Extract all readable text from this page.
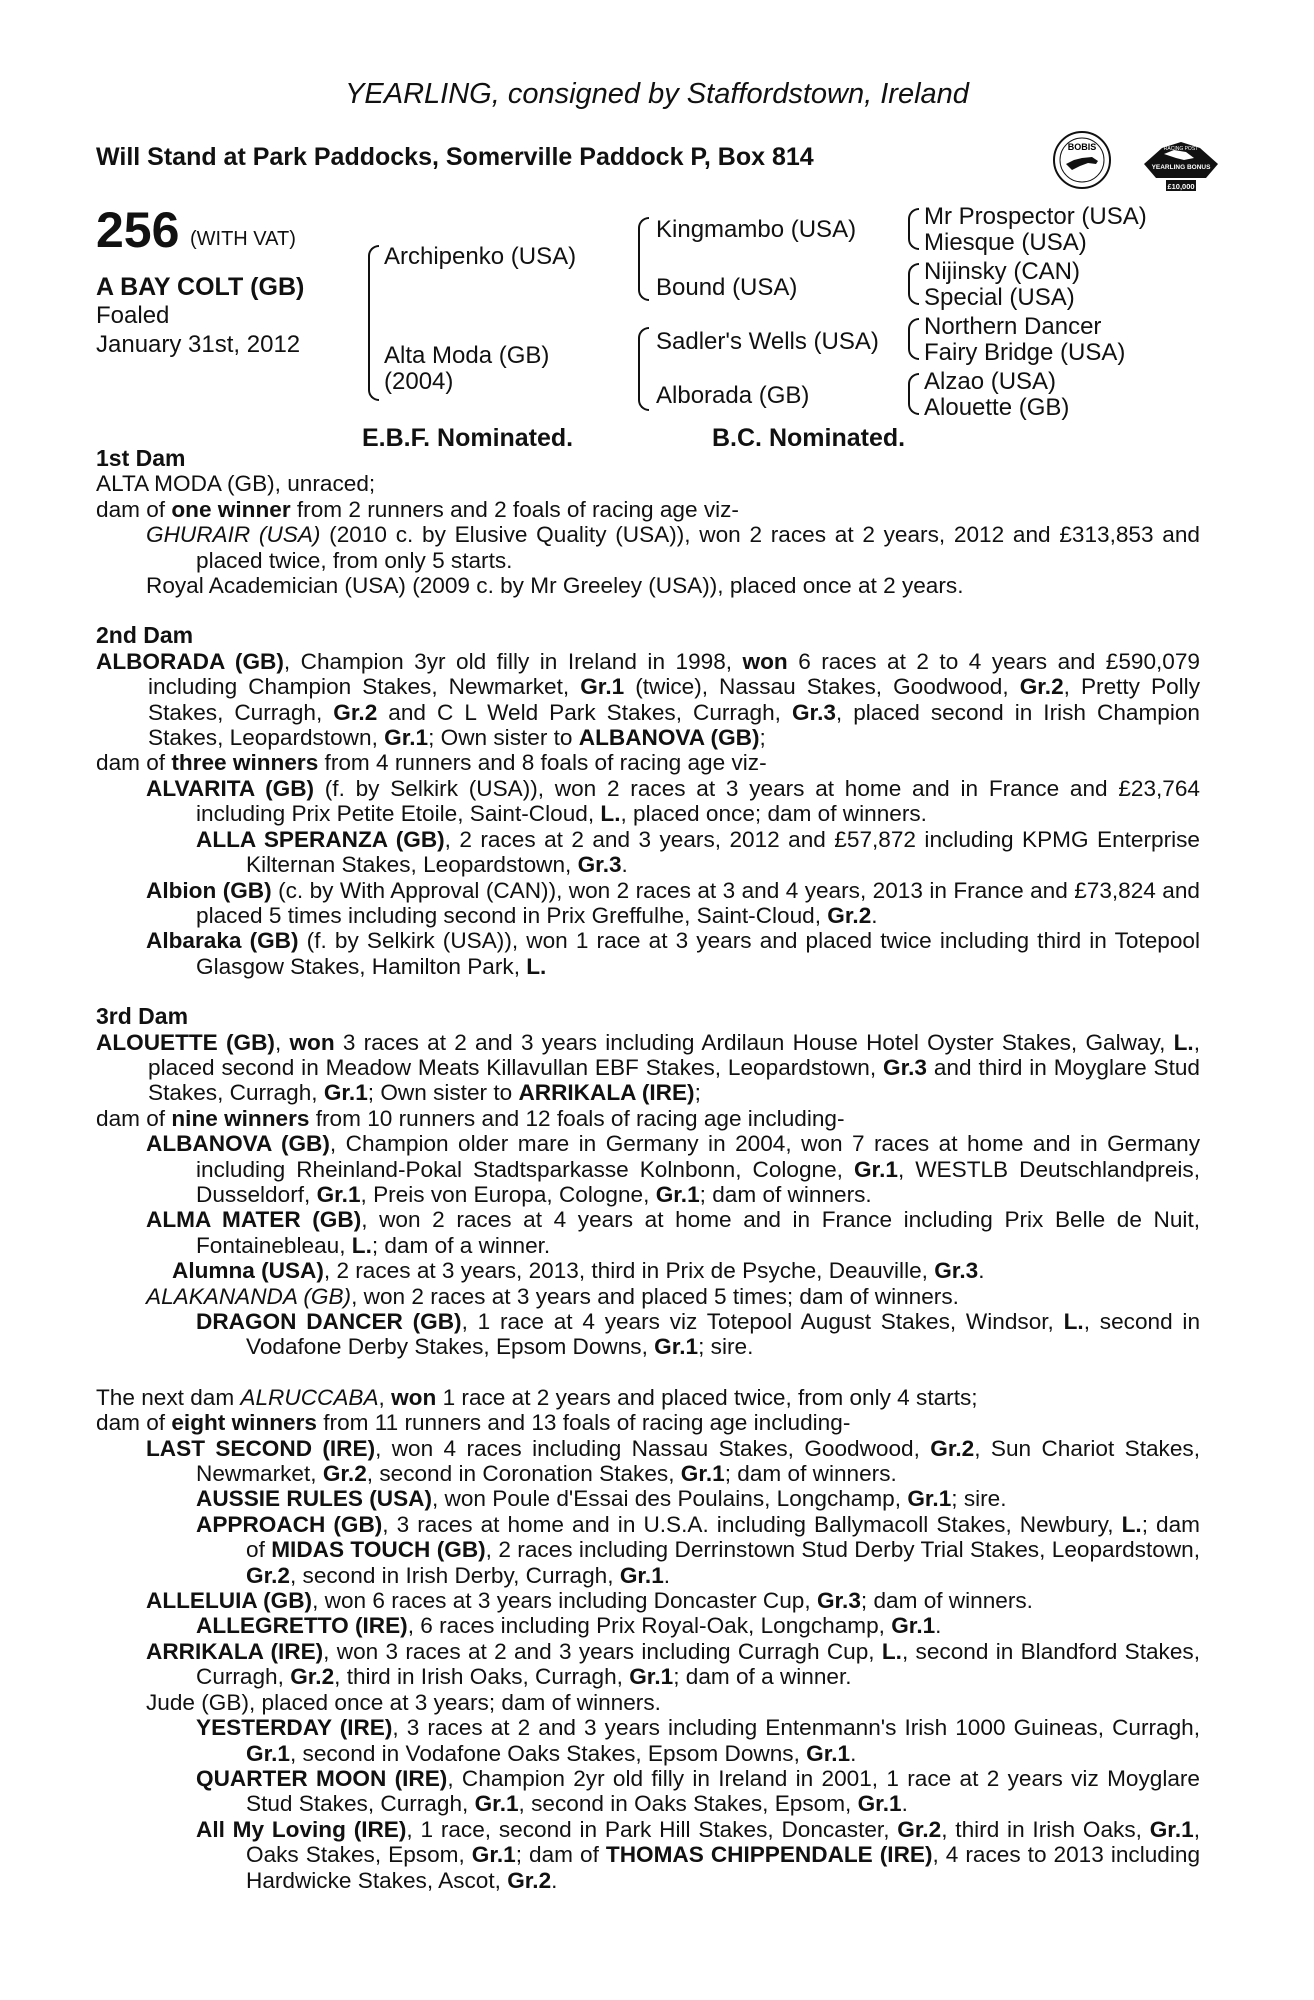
YEARLING, consigned by Staffordstown, Ireland
Will Stand at Park Paddocks, Somerville Paddock P, Box 814	BOBIS	RACING POST
YEARLING BONUS
£10,000
256 (WITH VAT)
A BAY COLT (GB)
Foaled
January 31st, 2012
Archipenko (USA)
Alta Moda (GB)
(2004)
Kingmambo (USA)
Bound (USA)
Sadler's Wells (USA)
Alborada (GB)
Mr Prospector (USA)
Miesque (USA)
Nijinsky (CAN)
Special (USA)
Northern Dancer
Fairy Bridge (USA)
Alzao (USA)
Alouette (GB)
E.B.F. Nominated.	B.C. Nominated.

1st Dam

ALTA MODA (GB), unraced;

dam of one winner from 2 runners and 2 foals of racing age viz-

GHURAIR (USA) (2010 c. by Elusive Quality (USA)), won 2 races at 2 years, 2012 and £313,853 and placed twice, from only 5 starts.

Royal Academician (USA) (2009 c. by Mr Greeley (USA)), placed once at 2 years.

2nd Dam

ALBORADA (GB), Champion 3yr old filly in Ireland in 1998, won 6 races at 2 to 4 years and £590,079 including Champion Stakes, Newmarket, Gr.1 (twice), Nassau Stakes, Goodwood, Gr.2, Pretty Polly Stakes, Curragh, Gr.2 and C L Weld Park Stakes, Curragh, Gr.3, placed second in Irish Champion Stakes, Leopardstown, Gr.1; Own sister to ALBANOVA (GB);

dam of three winners from 4 runners and 8 foals of racing age viz-

ALVARITA (GB) (f. by Selkirk (USA)), won 2 races at 3 years at home and in France and £23,764 including Prix Petite Etoile, Saint-Cloud, L., placed once; dam of winners.

ALLA SPERANZA (GB), 2 races at 2 and 3 years, 2012 and £57,872 including KPMG Enterprise Kilternan Stakes, Leopardstown, Gr.3.

Albion (GB) (c. by With Approval (CAN)), won 2 races at 3 and 4 years, 2013 in France and £73,824 and placed 5 times including second in Prix Greffulhe, Saint-Cloud, Gr.2.

Albaraka (GB) (f. by Selkirk (USA)), won 1 race at 3 years and placed twice including third in Totepool Glasgow Stakes, Hamilton Park, L.

3rd Dam

ALOUETTE (GB), won 3 races at 2 and 3 years including Ardilaun House Hotel Oyster Stakes, Galway, L., placed second in Meadow Meats Killavullan EBF Stakes, Leopardstown, Gr.3 and third in Moyglare Stud Stakes, Curragh, Gr.1; Own sister to ARRIKALA (IRE);

dam of nine winners from 10 runners and 12 foals of racing age including-

ALBANOVA (GB), Champion older mare in Germany in 2004, won 7 races at home and in Germany including Rheinland-Pokal Stadtsparkasse Kolnbonn, Cologne, Gr.1, WESTLB Deutschlandpreis, Dusseldorf, Gr.1, Preis von Europa, Cologne, Gr.1; dam of winners.

ALMA MATER (GB), won 2 races at 4 years at home and in France including Prix Belle de Nuit, Fontainebleau, L.; dam of a winner.

Alumna (USA), 2 races at 3 years, 2013, third in Prix de Psyche, Deauville, Gr.3.

ALAKANANDA (GB), won 2 races at 3 years and placed 5 times; dam of winners.

DRAGON DANCER (GB), 1 race at 4 years viz Totepool August Stakes, Windsor, L., second in Vodafone Derby Stakes, Epsom Downs, Gr.1; sire.

The next dam ALRUCCABA, won 1 race at 2 years and placed twice, from only 4 starts;

dam of eight winners from 11 runners and 13 foals of racing age including-

LAST SECOND (IRE), won 4 races including Nassau Stakes, Goodwood, Gr.2, Sun Chariot Stakes, Newmarket, Gr.2, second in Coronation Stakes, Gr.1; dam of winners.

AUSSIE RULES (USA), won Poule d'Essai des Poulains, Longchamp, Gr.1; sire.

APPROACH (GB), 3 races at home and in U.S.A. including Ballymacoll Stakes, Newbury, L.; dam of MIDAS TOUCH (GB), 2 races including Derrinstown Stud Derby Trial Stakes, Leopardstown, Gr.2, second in Irish Derby, Curragh, Gr.1.

ALLELUIA (GB), won 6 races at 3 years including Doncaster Cup, Gr.3; dam of winners.

ALLEGRETTO (IRE), 6 races including Prix Royal-Oak, Longchamp, Gr.1.

ARRIKALA (IRE), won 3 races at 2 and 3 years including Curragh Cup, L., second in Blandford Stakes, Curragh, Gr.2, third in Irish Oaks, Curragh, Gr.1; dam of a winner.

Jude (GB), placed once at 3 years; dam of winners.

YESTERDAY (IRE), 3 races at 2 and 3 years including Entenmann's Irish 1000 Guineas, Curragh, Gr.1, second in Vodafone Oaks Stakes, Epsom Downs, Gr.1.

QUARTER MOON (IRE), Champion 2yr old filly in Ireland in 2001, 1 race at 2 years viz Moyglare Stud Stakes, Curragh, Gr.1, second in Oaks Stakes, Epsom, Gr.1.

All My Loving (IRE), 1 race, second in Park Hill Stakes, Doncaster, Gr.2, third in Irish Oaks, Gr.1, Oaks Stakes, Epsom, Gr.1; dam of THOMAS CHIPPENDALE (IRE), 4 races to 2013 including Hardwicke Stakes, Ascot, Gr.2.
